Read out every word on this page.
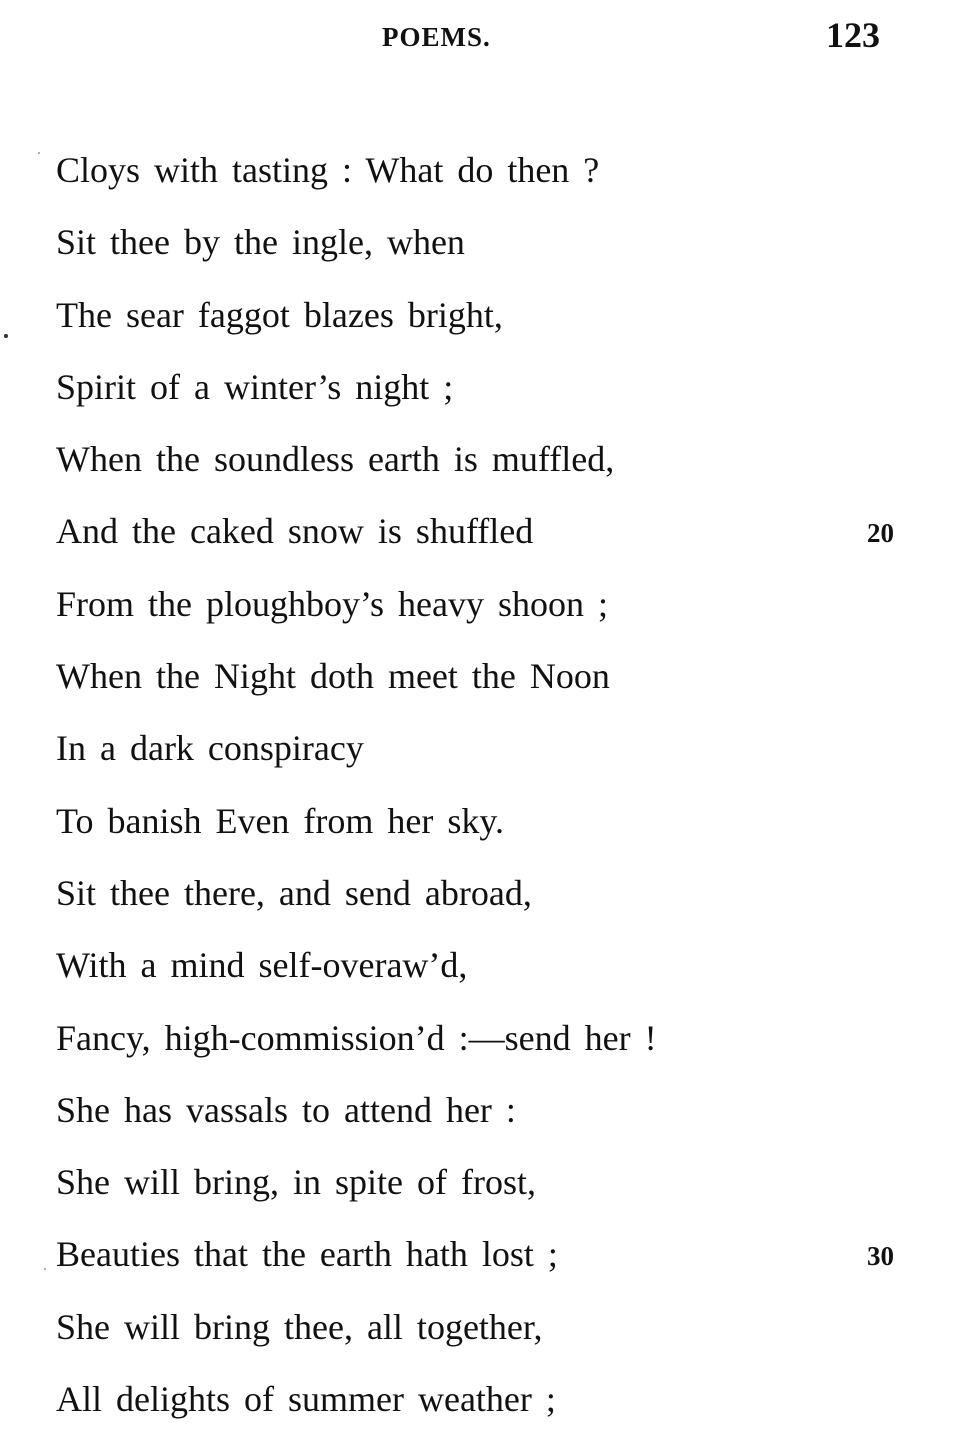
POEMS.	123
Cloys with tasting : What do then ?
Sit thee by the ingle, when
The sear faggot blazes bright,
Spirit of a winter’s night ;
When the soundless earth is muffled,
And the caked snow is shuffled	20
From the ploughboy’s heavy shoon ;
When the Night doth meet the Noon
In a dark conspiracy
To banish Even from her sky.
Sit thee there, and send abroad,
With a mind self-overaw’d,
Fancy, high-commission’d :—send her !
She has vassals to attend her :
She will bring, in spite of frost,
Beauties that the earth hath lost ;	30
She will bring thee, all together,
All delights of summer weather ;
